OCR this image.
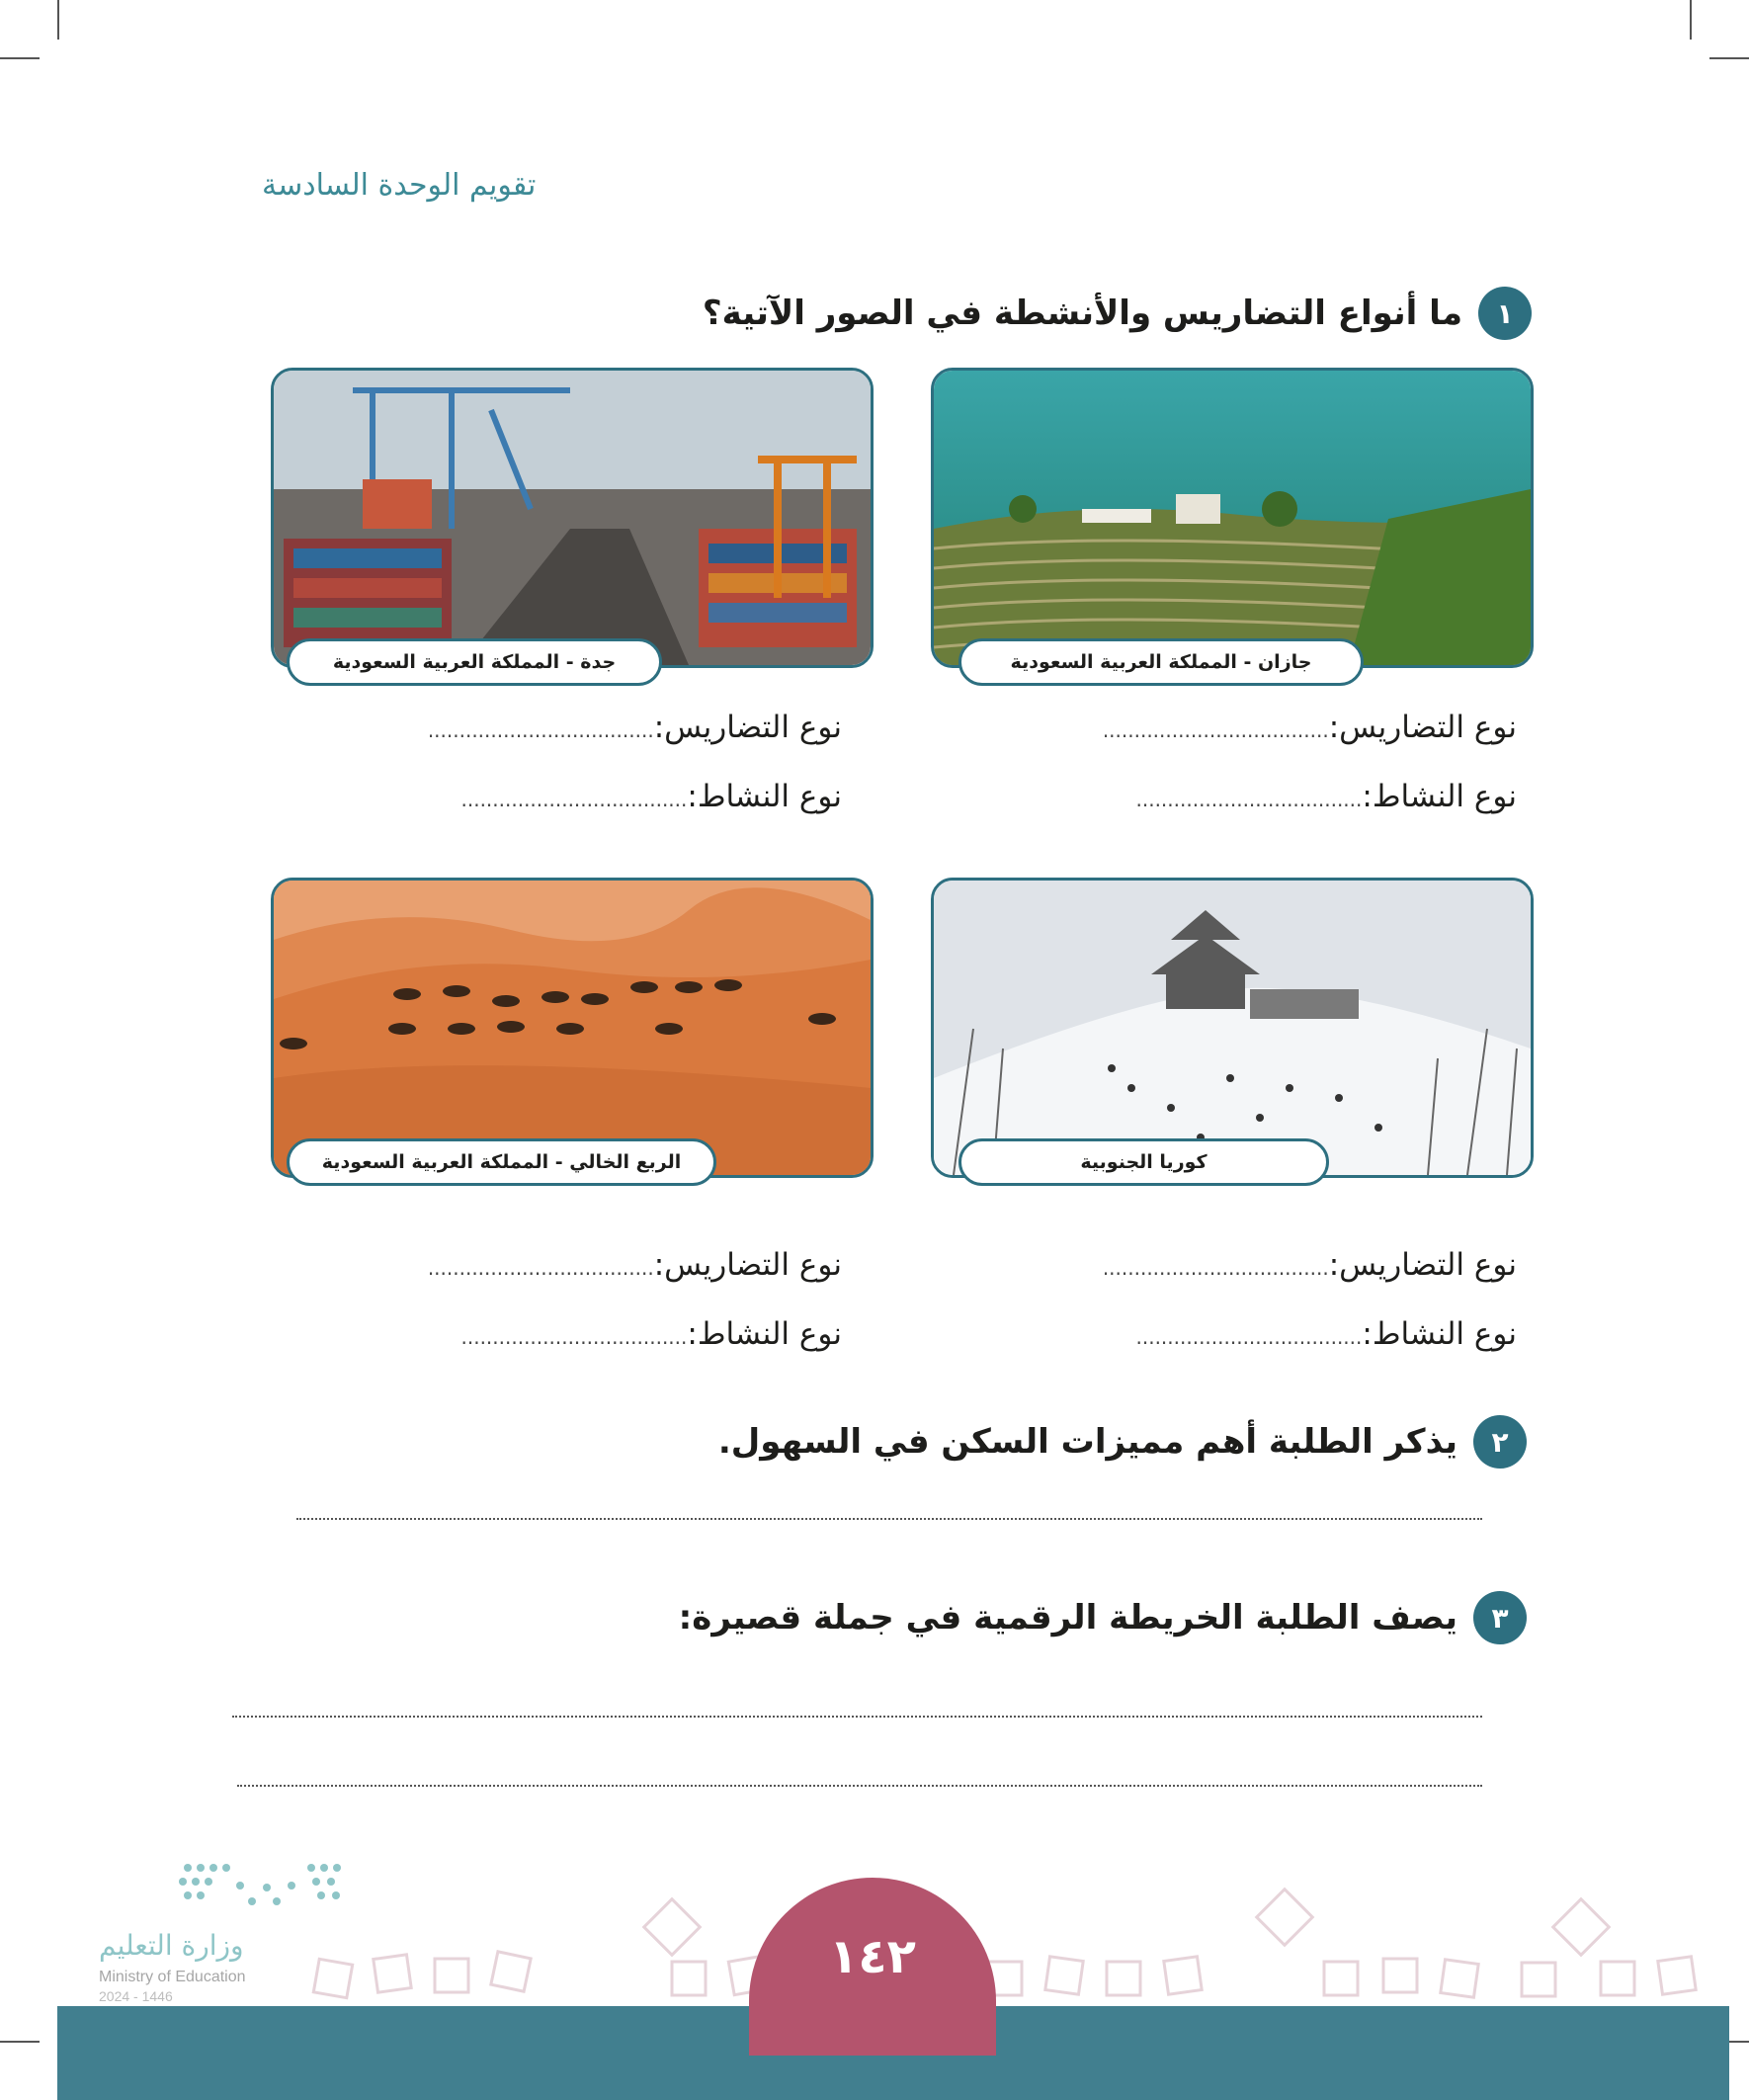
تقويم الوحدة السادسة
١
ما أنواع التضاريس والأنشطة في الصور الآتية؟
جازان - المملكة العربية السعودية
جدة - المملكة العربية السعودية
نوع التضاريس:
....................................
نوع النشاط:
....................................
نوع التضاريس:
....................................
نوع النشاط:
....................................
كوريا الجنوبية
الربع الخالي - المملكة العربية السعودية
نوع التضاريس:
....................................
نوع النشاط:
....................................
نوع التضاريس:
....................................
نوع النشاط:
....................................
٢
يذكر الطلبة أهم مميزات السكن في السهول.
٣
يصف الطلبة الخريطة الرقمية في جملة قصيرة:
وزارة التعليم
Ministry of Education
2024 - 1446
١٤٢
